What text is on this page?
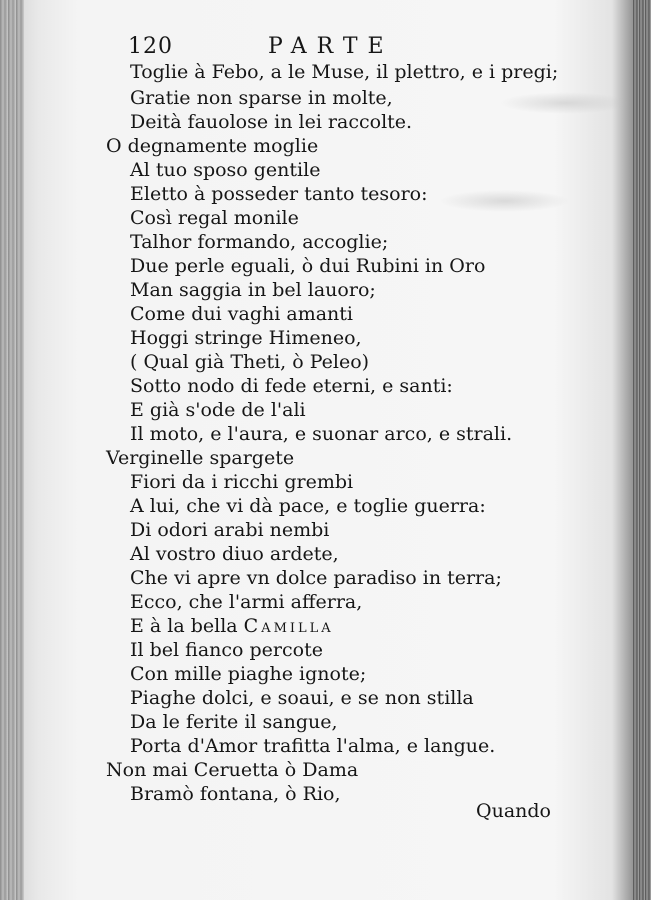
120	PARTE
Toglie à Febo, a le Muse, il plettro, e i pregi;
Gratie non sparse in molte,
Deità fauolose in lei raccolte.
O degnamente moglie
Al tuo sposo gentile
Eletto à posseder tanto tesoro:
Così regal monile
Talhor formando, accoglie;
Due perle eguali, ò dui Rubini in Oro
Man saggia in bel lauoro;
Come dui vaghi amanti
Hoggi stringe Himeneo,
( Qual già Theti, ò Peleo)
Sotto nodo di fede eterni, e santi:
E già s'ode de l'ali
Il moto, e l'aura, e suonar arco, e strali.
Verginelle spargete
Fiori da i ricchi grembi
A lui, che vi dà pace, e toglie guerra:
Di odori arabi nembi
Al vostro diuo ardete,
Che vi apre vn dolce paradiso in terra;
Ecco, che l'armi afferra,
E à la bella Camilla
Il bel fianco percote
Con mille piaghe ignote;
Piaghe dolci, e soaui, e se non stilla
Da le ferite il sangue,
Porta d'Amor trafitta l'alma, e langue.
Non mai Ceruetta ò Dama
Bramò fontana, ò Rio,
Quando
